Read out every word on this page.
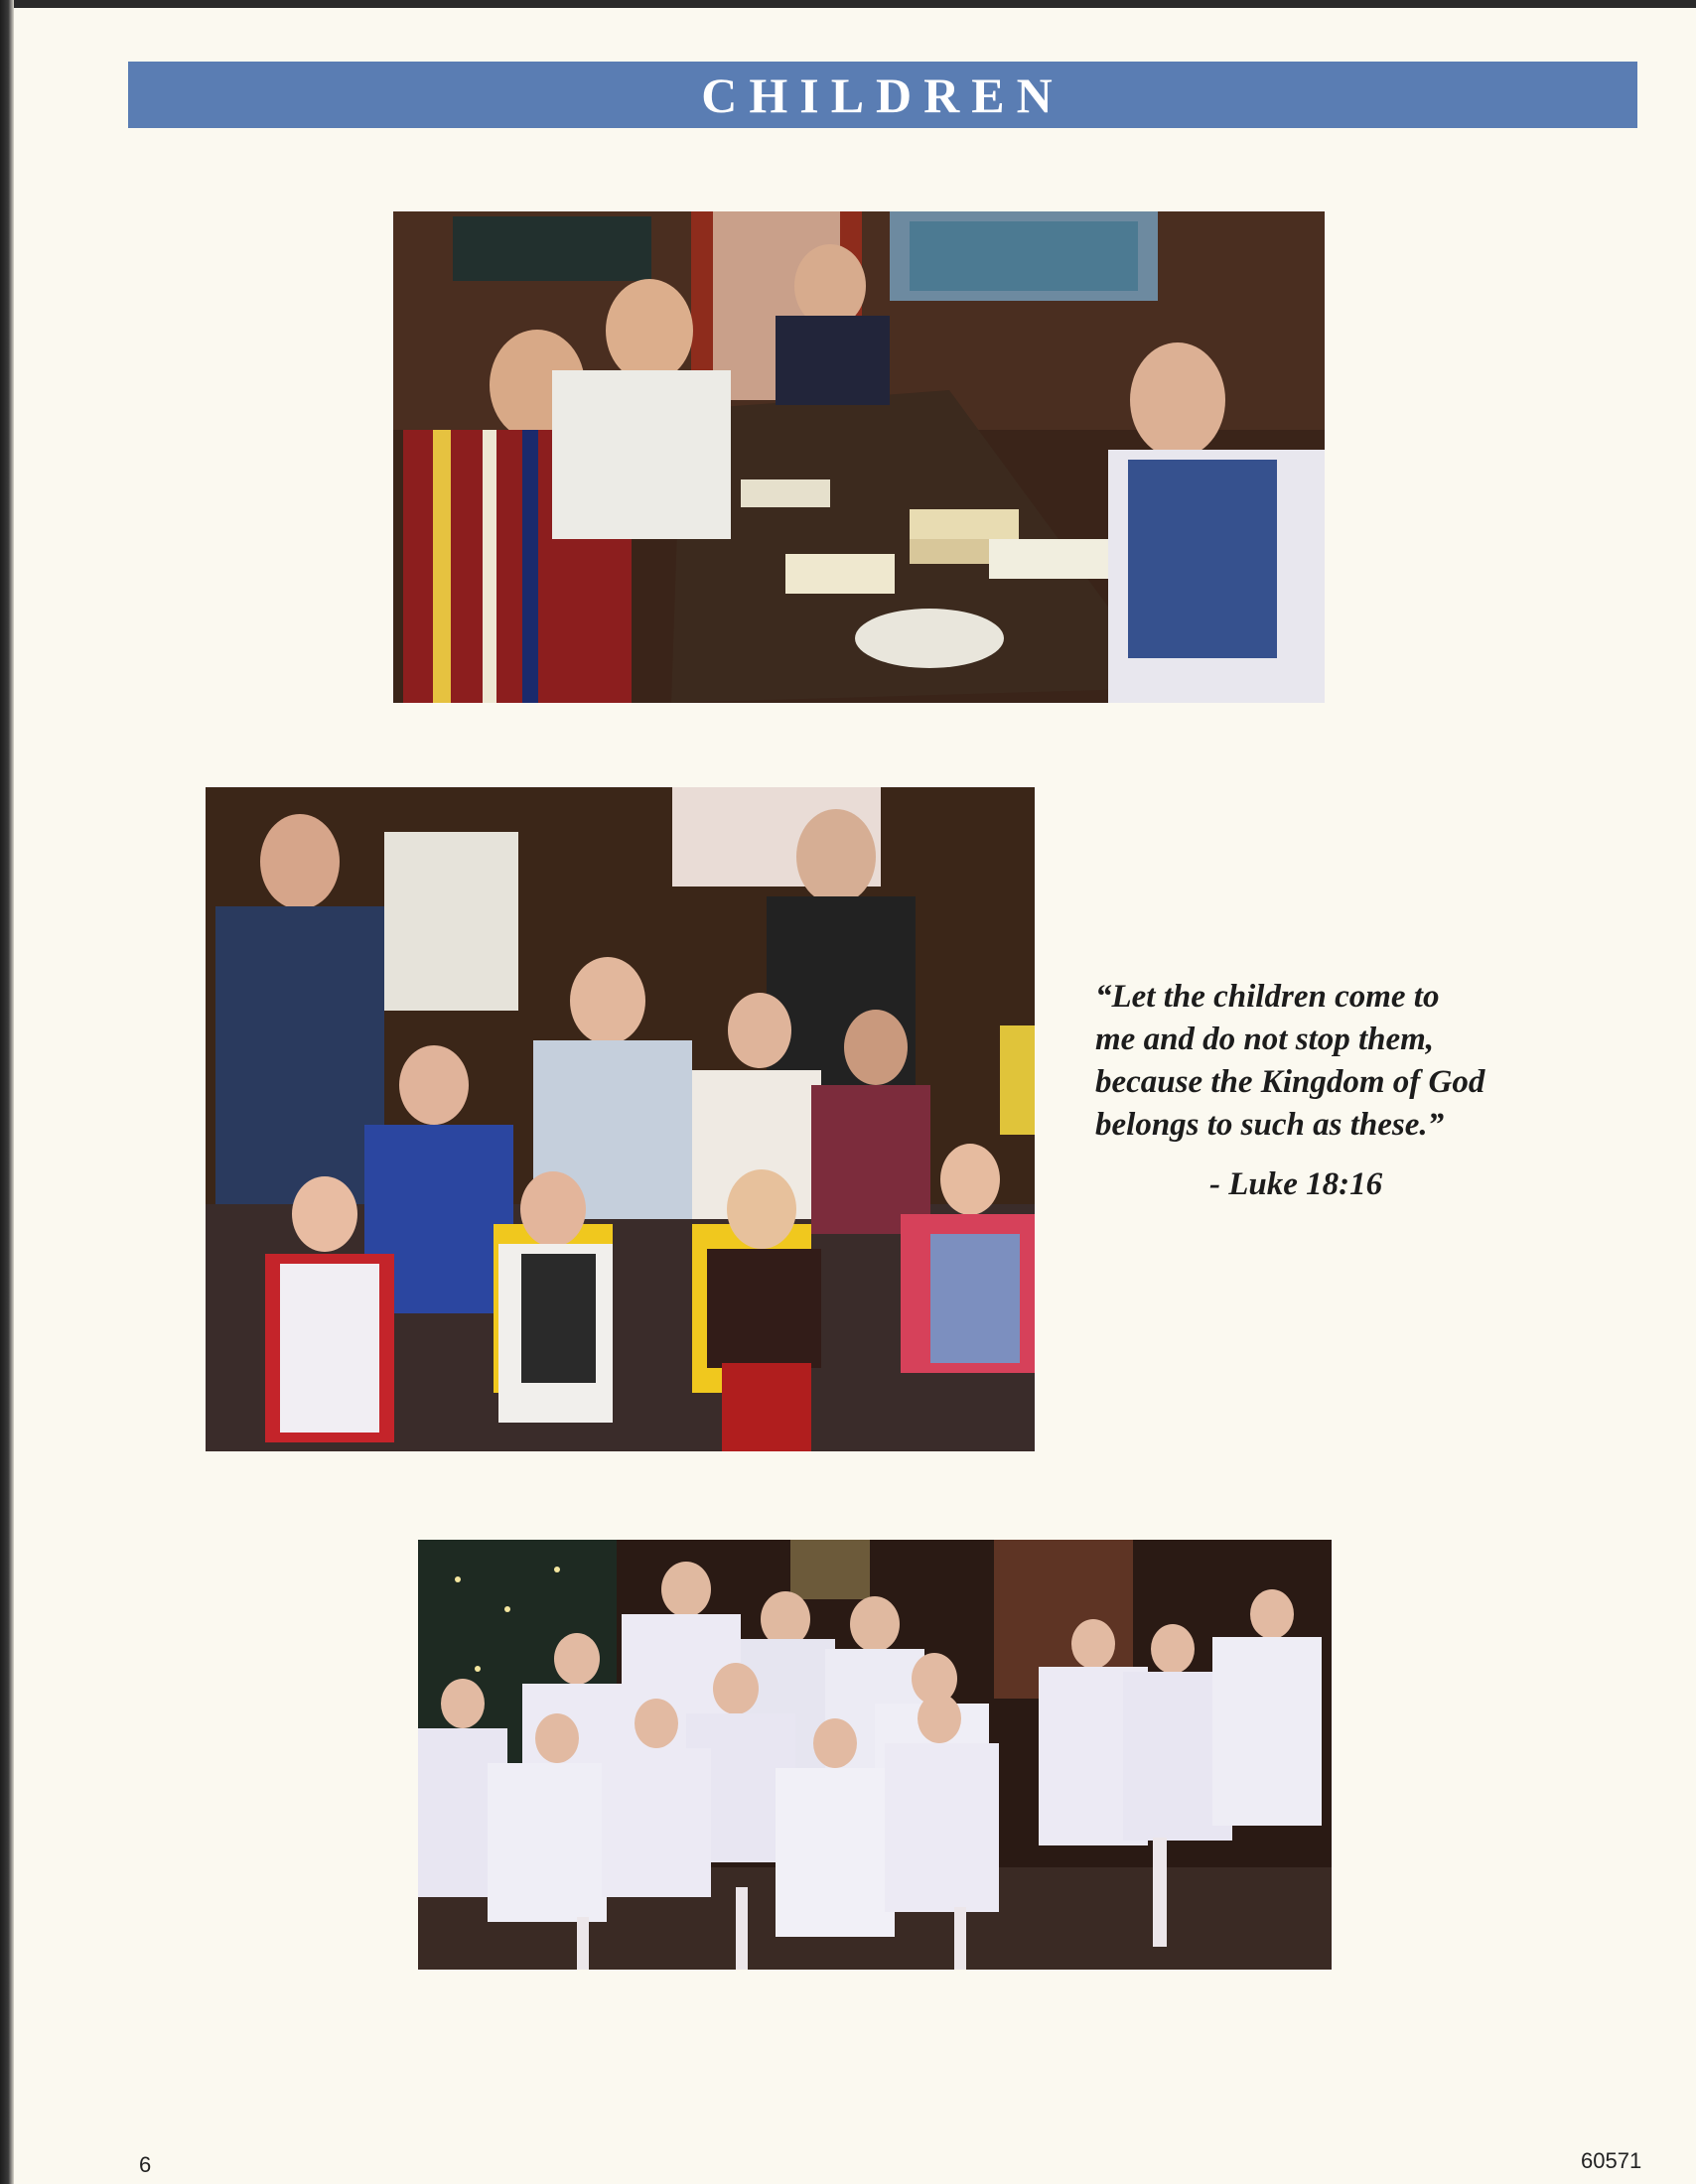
CHILDREN
“Let the children come to
me and do not stop them,
because the Kingdom of God
belongs to such as these.”
- Luke 18:16
6	60571
